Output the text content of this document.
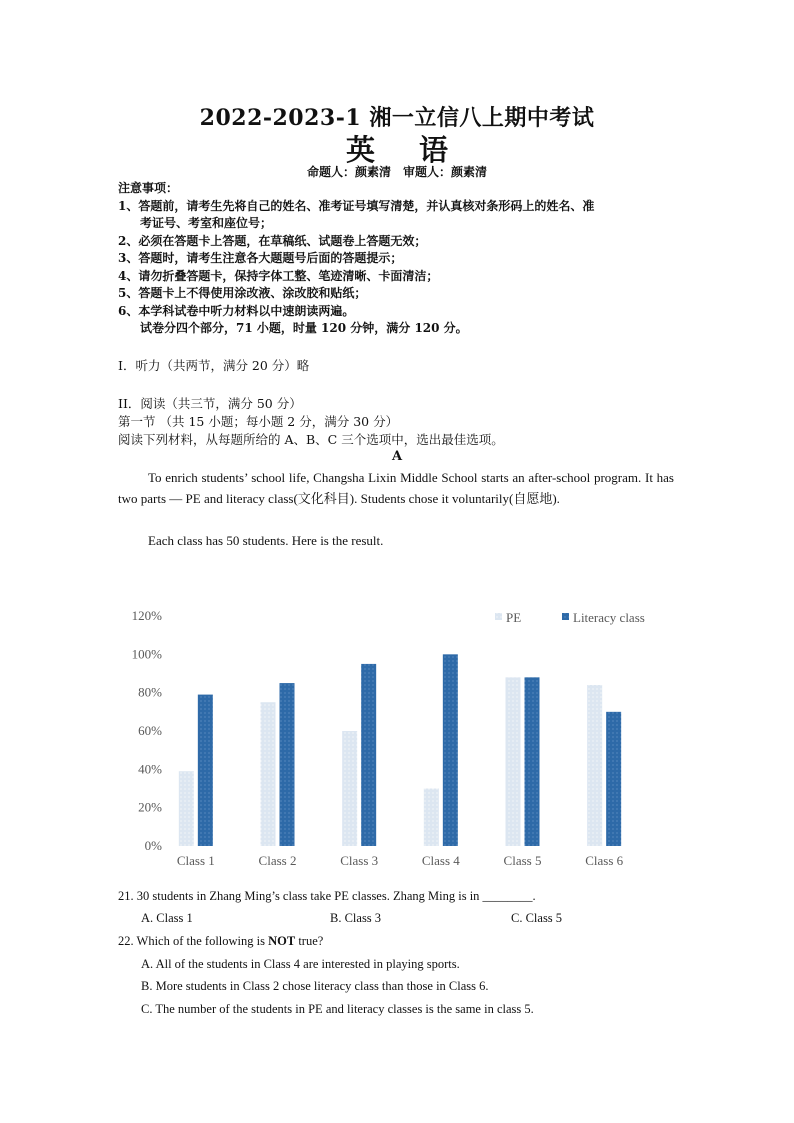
2022-2023-1 湘一立信八上期中考试
英 语
命题人：颜素清　审题人：颜素清
注意事项：
1、答题前，请考生先将自己的姓名、准考证号填写清楚，并认真核对条形码上的姓名、准
考证号、考室和座位号；
2、必须在答题卡上答题，在草稿纸、试题卷上答题无效；
3、答题时，请考生注意各大题题号后面的答题提示；
4、请勿折叠答题卡，保持字体工整、笔迹清晰、卡面清洁；
5、答题卡上不得使用涂改液、涂改胶和贴纸；
6、本学科试卷中听力材料以中速朗读两遍。
试卷分四个部分，71 小题，时量 120 分钟，满分 120 分。
I．听力（共两节，满分 20 分）略
II．阅读（共三节，满分 50 分）
第一节 （共 15 小题；每小题 2 分，满分 30 分）
阅读下列材料，从每题所给的 A、B、C 三个选项中，选出最佳选项。
A
To enrich students’ school life, Changsha Lixin Middle School starts an after-school program. It has two parts — PE and literacy class(文化科目). Students chose it voluntarily(自愿地).
Each class has 50 students. Here is the result.
0%
20%
40%
60%
80%
100%
120%
Class 1	Class 2	Class 3	Class 4	Class 5	Class 6
PE	Literacy class
21. 30 students in Zhang Ming’s class take PE classes. Zhang Ming is in ________.
A. Class 1	B. Class 3	C. Class 5
22. Which of the following is NOT true?
A. All of the students in Class 4 are interested in playing sports.
B. More students in Class 2 chose literacy class than those in Class 6.
C. The number of the students in PE and literacy classes is the same in class 5.
